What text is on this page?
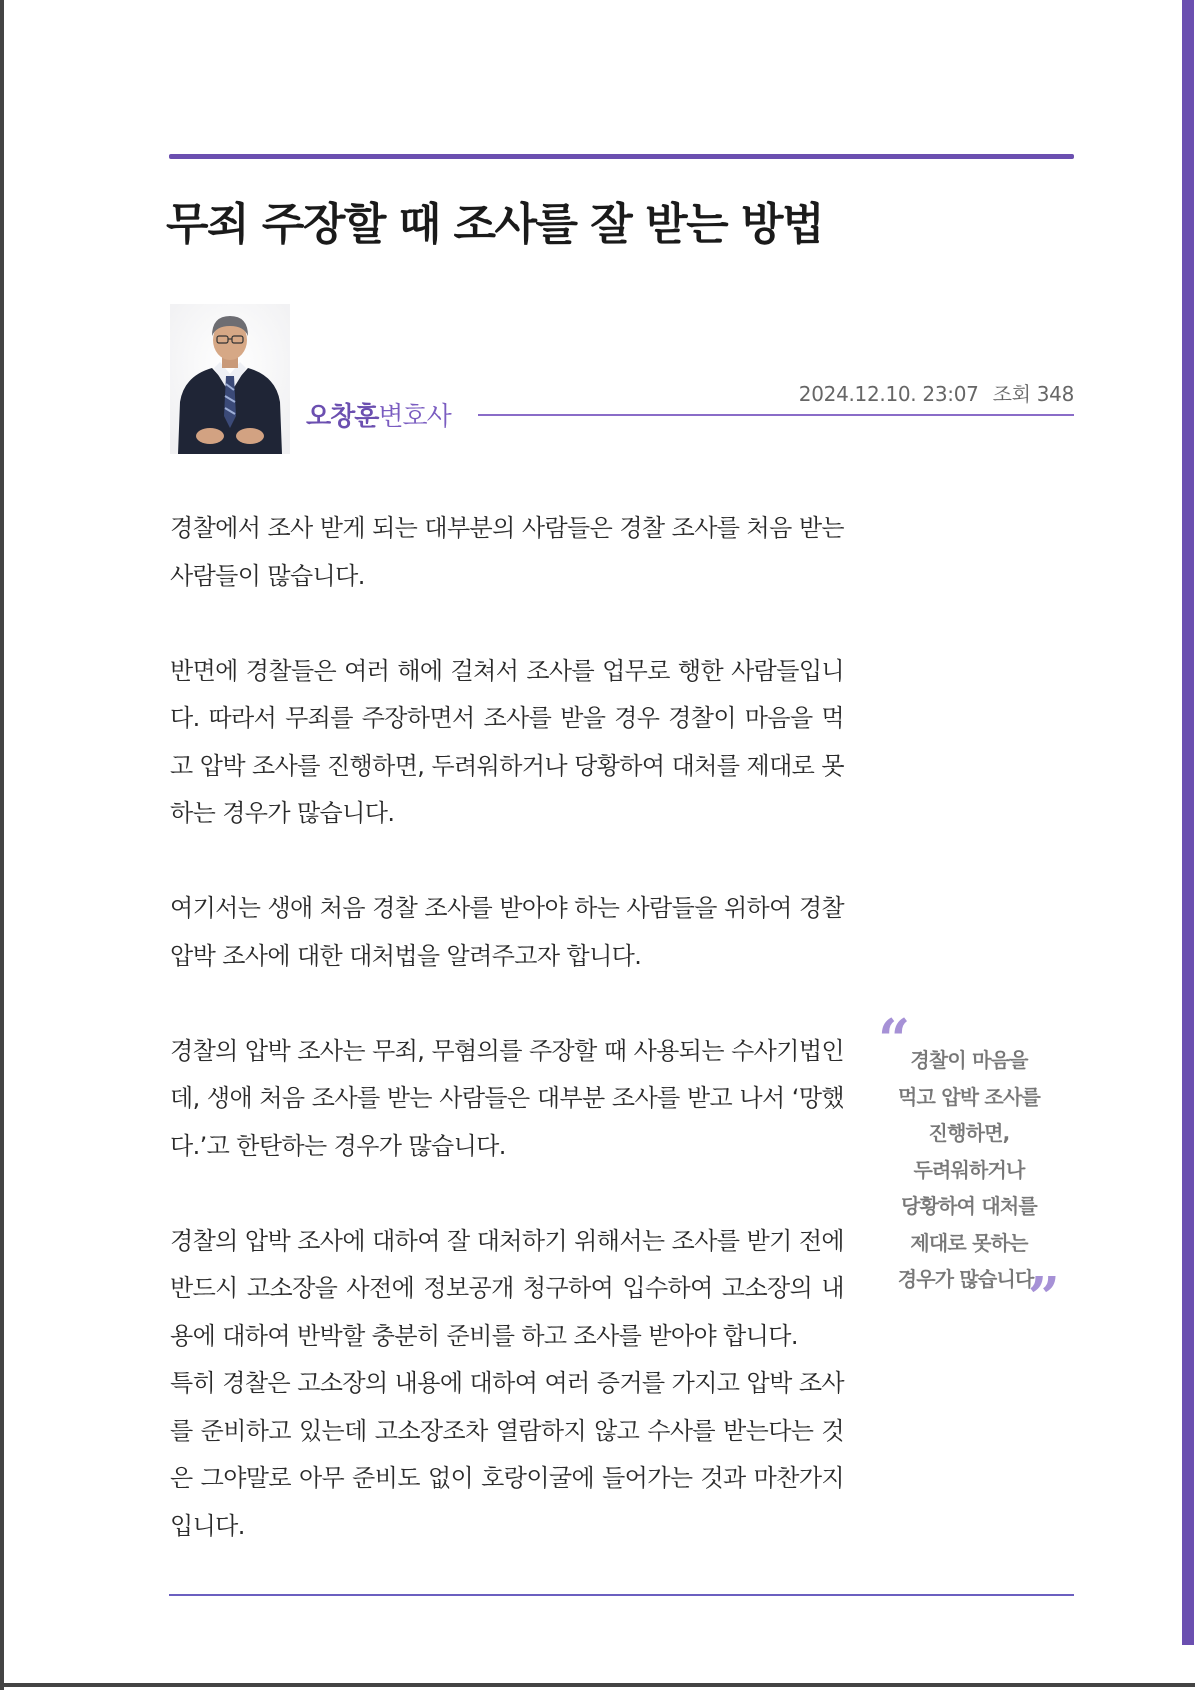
무죄 주장할 때 조사를 잘 받는 방법
오창훈변호사
2024.12.10. 23:07 조회 348

경찰에서 조사 받게 되는 대부분의 사람들은 경찰 조사를 처음 받는 사람들이 많습니다.

반면에 경찰들은 여러 해에 걸쳐서 조사를 업무로 행한 사람들입니다. 따라서 무죄를 주장하면서 조사를 받을 경우 경찰이 마음을 먹고 압박 조사를 진행하면, 두려워하거나 당황하여 대처를 제대로 못하는 경우가 많습니다.

여기서는 생애 처음 경찰 조사를 받아야 하는 사람들을 위하여 경찰 압박 조사에 대한 대처법을 알려주고자 합니다.

경찰의 압박 조사는 무죄, 무혐의를 주장할 때 사용되는 수사기법인데, 생애 처음 조사를 받는 사람들은 대부분 조사를 받고 나서 ‘망했다.’고 한탄하는 경우가 많습니다.

경찰의 압박 조사에 대하여 잘 대처하기 위해서는 조사를 받기 전에 반드시 고소장을 사전에 정보공개 청구하여 입수하여 고소장의 내용에 대하여 반박할 충분히 준비를 하고 조사를 받아야 합니다.

특히 경찰은 고소장의 내용에 대하여 여러 증거를 가지고 압박 조사를 준비하고 있는데 고소장조차 열람하지 않고 수사를 받는다는 것은 그야말로 아무 준비도 없이 호랑이굴에 들어가는 것과 마찬가지입니다.

“ 경찰이 마음을
먹고 압박 조사를
진행하면,
두려워하거나
당황하여 대처를
제대로 못하는
경우가 많습니다.
”
